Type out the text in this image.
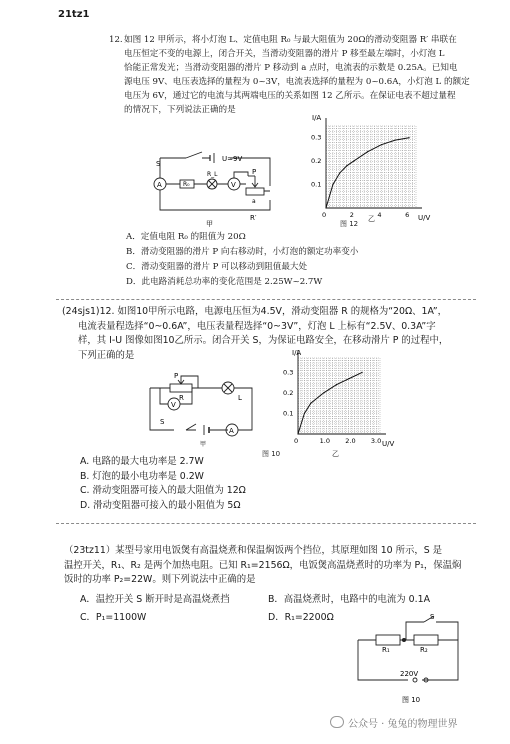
21tz1
12. 如图 12 甲所示，将小灯泡 L、定值电阻 R₀ 与最大阻值为 20Ω的滑动变阻器 R′ 串联在
电压恒定不变的电源上，闭合开关，当滑动变阻器的滑片 P 移至最左端时，小灯泡 L
恰能正常发光；当滑动变阻器的滑片 P 移动到 a 点时，电流表的示数是 0.25A。已知电
源电压 9V、电压表选择的量程为 0~3V，电流表选择的量程为 0~0.6A，小灯泡 L 的额定
电压为 6V，通过它的电流与其两端电压的关系如图 12 乙所示。在保证电表不超过量程
的情况下，下列说法正确的是
S
U=9V
A	R₀
R_L
V
P
a
R′
甲
I/A
U/V
0	2	4	6
0.1
0.2
0.3
图 12
乙
A．定值电阻 R₀ 的阻值为 20Ω
B．滑动变阻器的滑片 P 向右移动时，小灯泡的额定功率变小
C．滑动变阻器的滑片 P 可以移动到阻值最大处
D．此电路消耗总功率的变化范围是 2.25W~2.7W
(24sjs1)12. 如图10甲所示电路，电源电压恒为4.5V，滑动变阻器 R 的规格为“20Ω、1A”，
电流表量程选择“0~0.6A”，电压表量程选择“0~3V”，灯泡 L 上标有“2.5V、0.3A”字
样，其 I-U 图像如图10乙所示。闭合开关 S，为保证电路安全，在移动滑片 P 的过程中，
下列正确的是
P
R	L
V
S
A
甲
I/A
U/V
0	1.0 2.0 3.0
0.1
0.2
0.3
图 10	乙
A. 电路的最大电功率是 2.7W
B. 灯泡的最小电功率是 0.2W
C. 滑动变阻器可接入的最大阻值为 12Ω
D. 滑动变阻器可接入的最小阻值为 5Ω
（23tz11）某型号家用电饭煲有高温烧煮和保温焖饭两个挡位，其原理如图 10 所示，S 是
温控开关，R₁、R₂ 是两个加热电阻。已知 R₁=2156Ω，电饭煲高温烧煮时的功率为 P₁，保温焖
饭时的功率 P₂=22W。则下列说法中正确的是
A．温控开关 S 断开时是高温烧煮挡	B．高温烧煮时，电路中的电流为 0.1A
C．P₁=1100W	D．R₁=2200Ω	S
R₁	R₂
220V
图 10
公众号 · 兔兔的物理世界
